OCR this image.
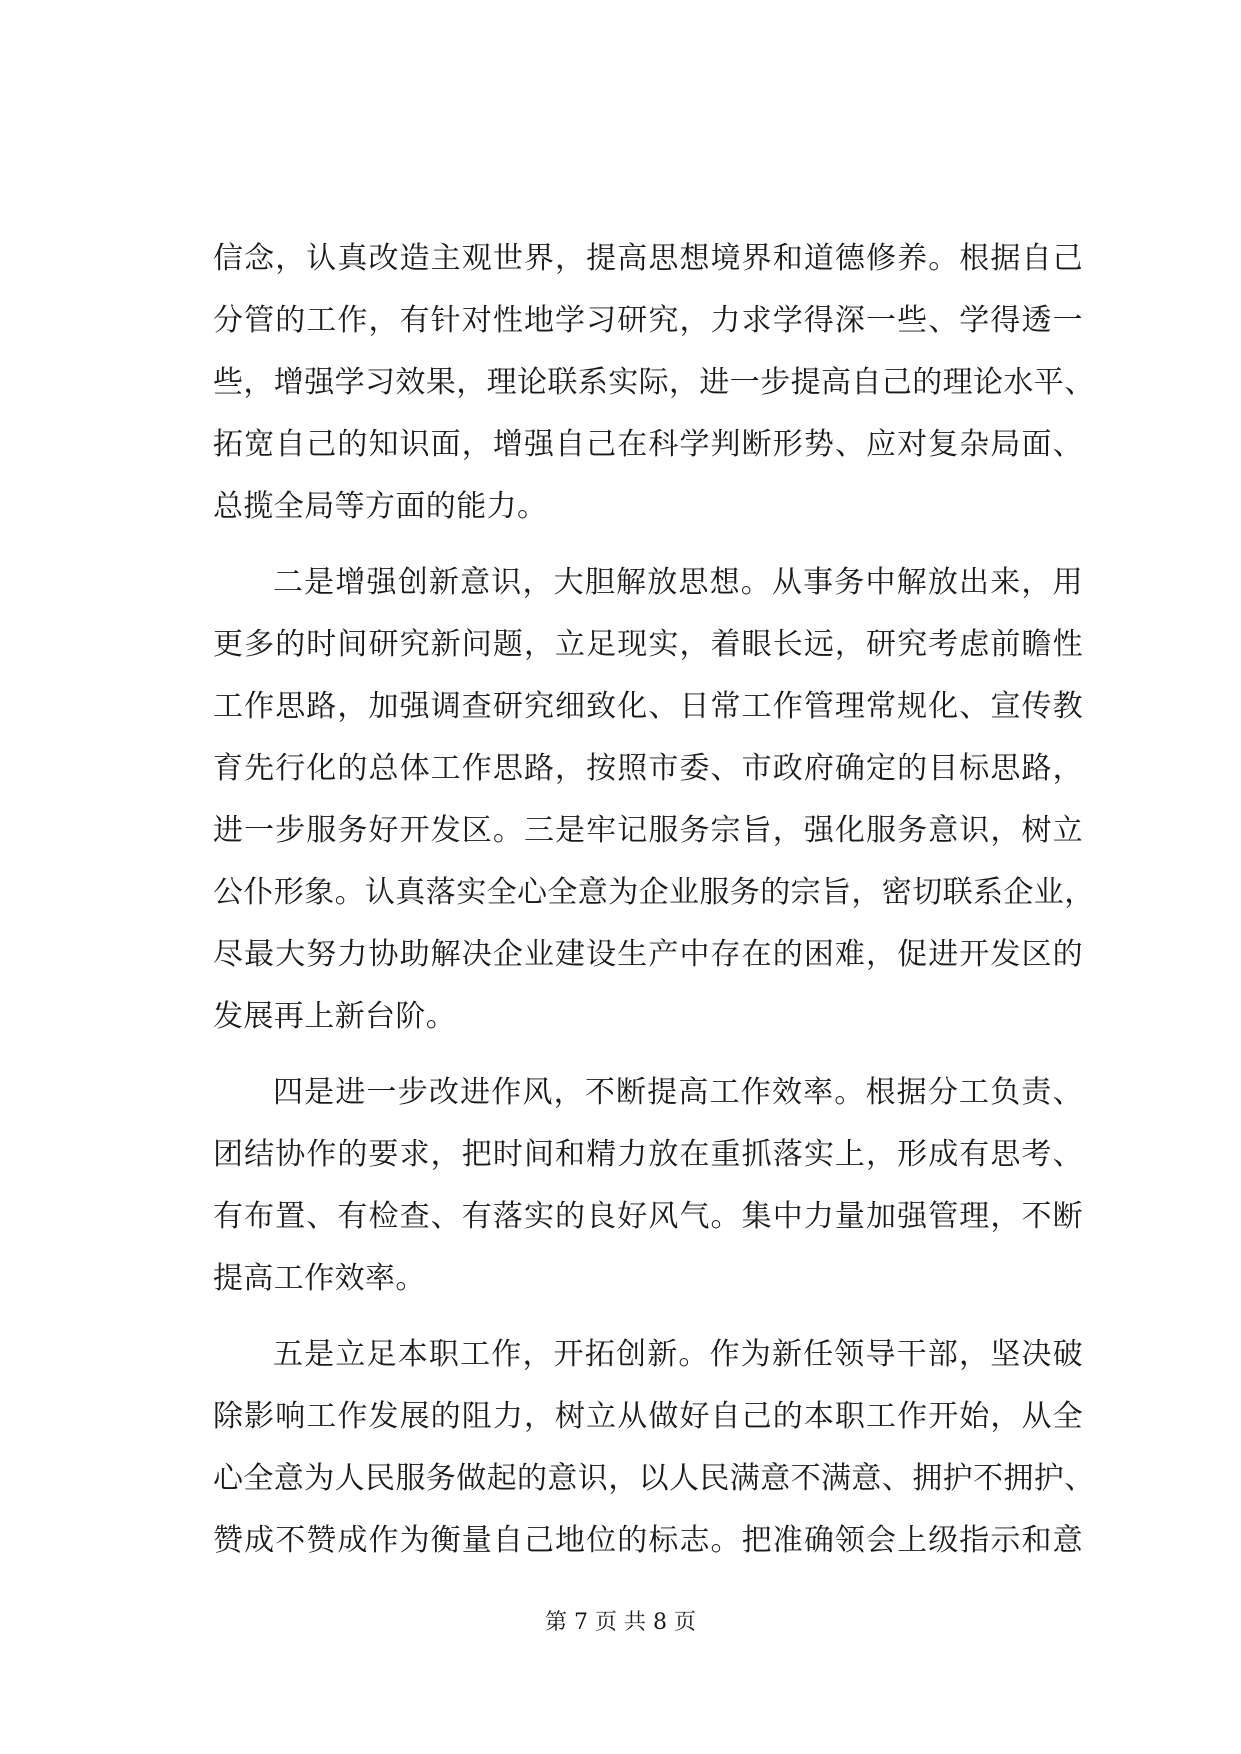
信念，认真改造主观世界，提高思想境界和道德修养。根据自己
分管的工作，有针对性地学习研究，力求学得深一些、学得透一
些，增强学习效果，理论联系实际，进一步提高自己的理论水平、
拓宽自己的知识面，增强自己在科学判断形势、应对复杂局面、
总揽全局等方面的能力。
二是增强创新意识，大胆解放思想。从事务中解放出来，用
更多的时间研究新问题，立足现实，着眼长远，研究考虑前瞻性
工作思路，加强调查研究细致化、日常工作管理常规化、宣传教
育先行化的总体工作思路，按照市委、市政府确定的目标思路，
进一步服务好开发区。三是牢记服务宗旨，强化服务意识，树立
公仆形象。认真落实全心全意为企业服务的宗旨，密切联系企业，
尽最大努力协助解决企业建设生产中存在的困难，促进开发区的
发展再上新台阶。
四是进一步改进作风，不断提高工作效率。根据分工负责、
团结协作的要求，把时间和精力放在重抓落实上，形成有思考、
有布置、有检查、有落实的良好风气。集中力量加强管理，不断
提高工作效率。
五是立足本职工作，开拓创新。作为新任领导干部，坚决破
除影响工作发展的阻力，树立从做好自己的本职工作开始，从全
心全意为人民服务做起的意识，以人民满意不满意、拥护不拥护、
赞成不赞成作为衡量自己地位的标志。把准确领会上级指示和意
第 7 页 共 8 页
